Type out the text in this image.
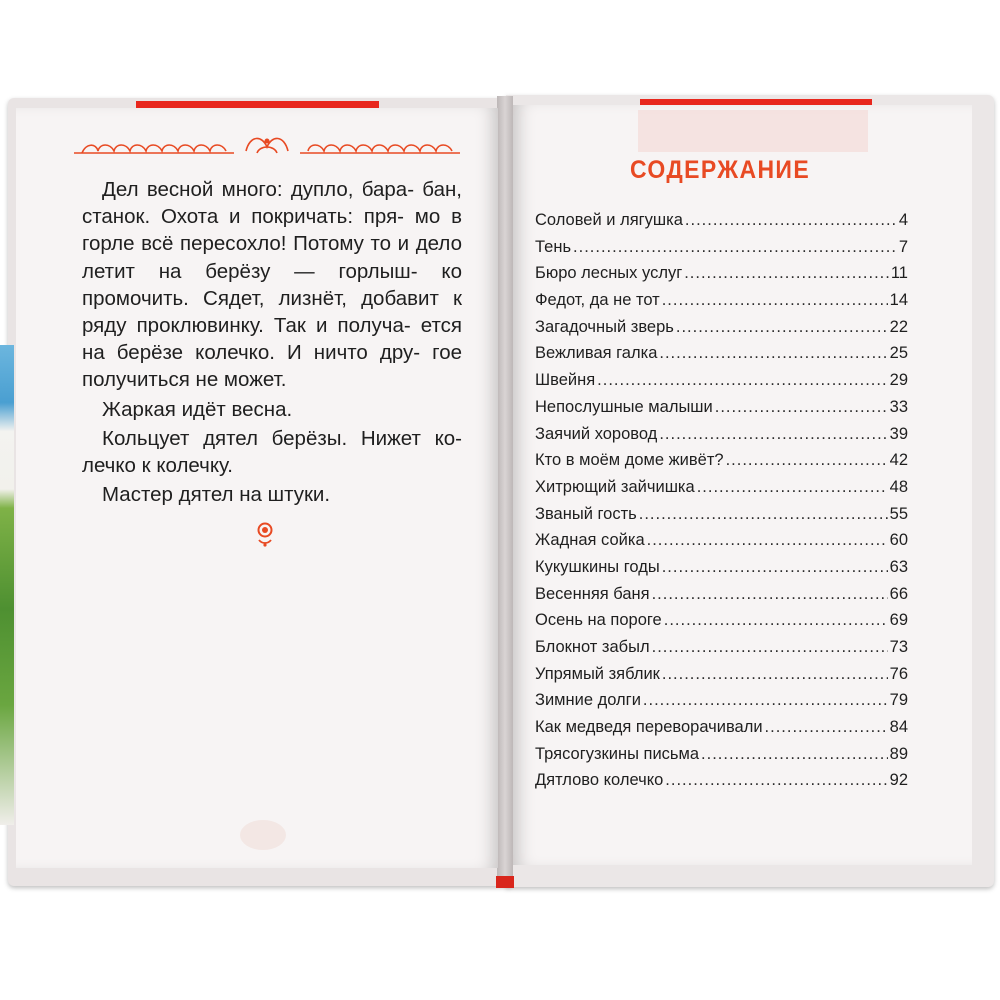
Дел весной много: дупло, бара- бан, станок. Охота и покричать: пря- мо в горле всё пересохло! Потому то и дело летит на берёзу — горлыш- ко промочить. Сядет, лизнёт, добавит к ряду проклювинку. Так и получа- ется на берёзе колечко. И ничто дру- гое получиться не может.

Жаркая идёт весна.

Кольцует дятел берёзы. Нижет ко- лечко к колечку.

Мастер дятел на штуки.

СОДЕРЖАНИЕ
Соловей и лягушка .....	4
Тень .....	7
Бюро лесных услуг .....	11
Федот, да не тот .....	14
Загадочный зверь .....	22
Вежливая галка .....	25
Швейня .....	29
Непослушные малыши .....	33
Заячий хоровод .....	39
Кто в моём доме живёт? .....	42
Хитрющий зайчишка .....	48
Званый гость .....	55
Жадная сойка .....	60
Кукушкины годы .....	63
Весенняя баня .....	66
Осень на пороге .....	69
Блокнот забыл .....	73
Упрямый зяблик .....	76
Зимние долги .....	79
Как медведя переворачивали .....	84
Трясогузкины письма .....	89
Дятлово колечко .....	92
